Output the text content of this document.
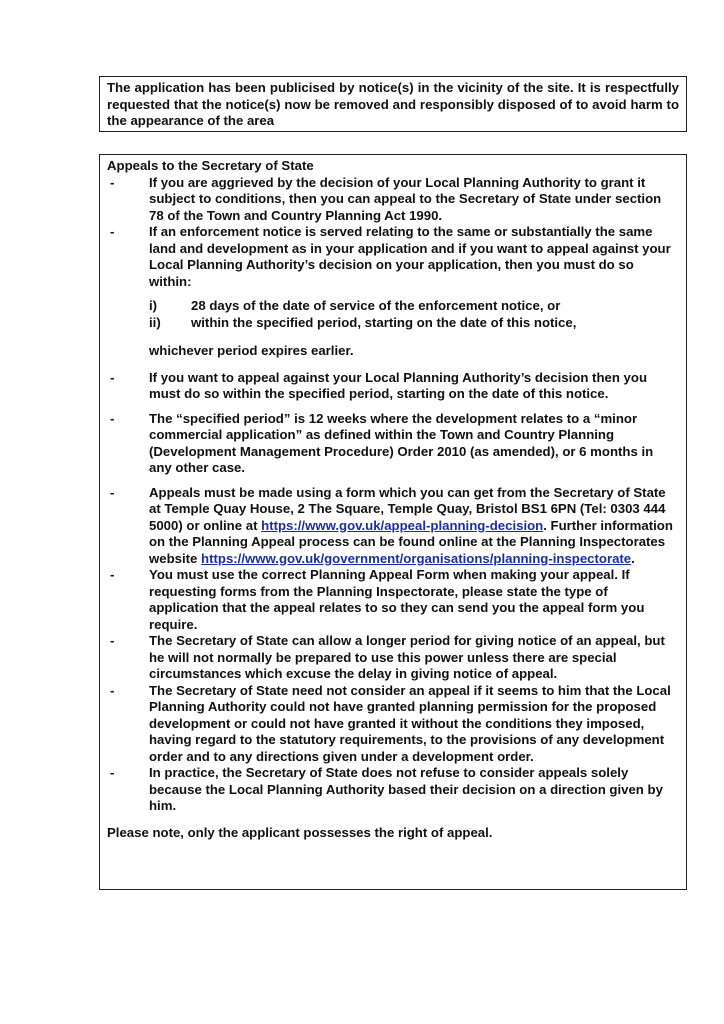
The application has been publicised by notice(s) in the vicinity of the site. It is respectfully requested that the notice(s) now be removed and responsibly disposed of to avoid harm to the appearance of the area
Appeals to the Secretary of State
-	If you are aggrieved by the decision of your Local Planning Authority to grant it subject to conditions, then you can appeal to the Secretary of State under section 78 of the Town and Country Planning Act 1990.
-	If an enforcement notice is served relating to the same or substantially the same land and development as in your application and if you want to appeal against your Local Planning Authority’s decision on your application, then you must do so within:
i)	28 days of the date of service of the enforcement notice, or
ii) within the specified period, starting on the date of this notice,
whichever period expires earlier.
-	If you want to appeal against your Local Planning Authority’s decision then you must do so within the specified period, starting on the date of this notice.
-	The “specified period” is 12 weeks where the development relates to a “minor commercial application” as defined within the Town and Country Planning (Development Management Procedure) Order 2010 (as amended), or 6 months in any other case.
-	Appeals must be made using a form which you can get from the Secretary of State at Temple Quay House, 2 The Square, Temple Quay, Bristol BS1 6PN (Tel: 0303 444 5000) or online at https://www.gov.uk/appeal-planning-decision. Further information on the Planning Appeal process can be found online at the Planning Inspectorates website https://www.gov.uk/government/organisations/planning-inspectorate.
-	You must use the correct Planning Appeal Form when making your appeal. If requesting forms from the Planning Inspectorate, please state the type of application that the appeal relates to so they can send you the appeal form you require.
-	The Secretary of State can allow a longer period for giving notice of an appeal, but he will not normally be prepared to use this power unless there are special circumstances which excuse the delay in giving notice of appeal.
-	The Secretary of State need not consider an appeal if it seems to him that the Local Planning Authority could not have granted planning permission for the proposed development or could not have granted it without the conditions they imposed, having regard to the statutory requirements, to the provisions of any development order and to any directions given under a development order.
-	In practice, the Secretary of State does not refuse to consider appeals solely because the Local Planning Authority based their decision on a direction given by him.
Please note, only the applicant possesses the right of appeal.
